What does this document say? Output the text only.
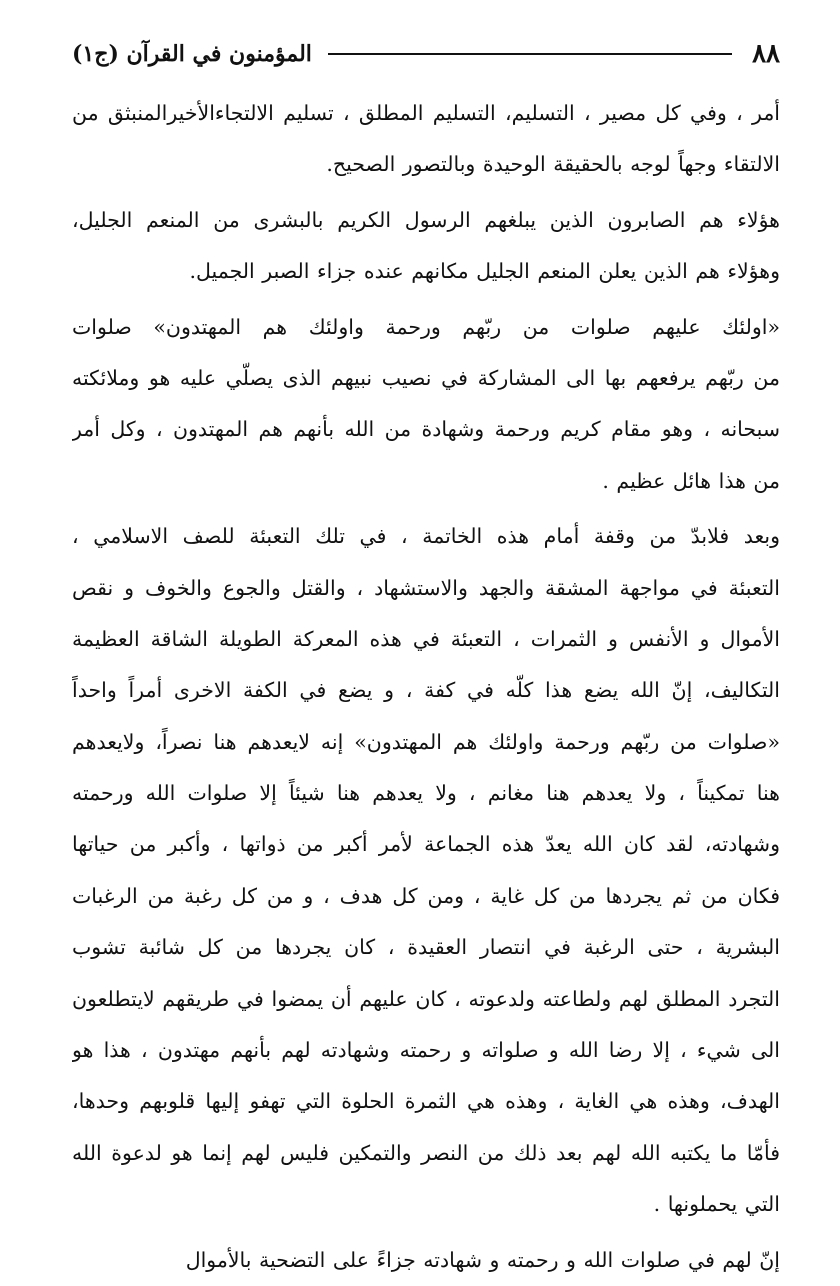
٨٨
المؤمنون في القرآن (ج١)

أمر ، وفي كل مصير ، التسليم، التسليم المطلق ، تسليم الالتجاءالأخيرالمنبثق من
الالتقاء وجهاً لوجه بالحقيقة الوحيدة وبالتصور الصحيح.

هؤلاء هم الصابرون الذين يبلغهم الرسول الكريم بالبشرى من المنعم الجليل،
وهؤلاء هم الذين يعلن المنعم الجليل مكانهم عنده جزاء الصبر الجميل.

«اولئك عليهم صلوات من ربّهم ورحمة واولئك هم المهتدون» صلوات
من ربّهم يرفعهم بها الى المشاركة في نصيب نبيهم الذى يصلّي عليه هو وملائكته
سبحانه ، وهو مقام كريم ورحمة وشهادة من الله بأنهم هم المهتدون ، وكل أمر
من هذا هائل عظيم .

وبعد فلابدّ من وقفة أمام هذه الخاتمة ، في تلك التعبئة للصف الاسلامي ،
التعبئة في مواجهة المشقة والجهد والاستشهاد ، والقتل والجوع والخوف و نقص
الأموال و الأنفس و الثمرات ، التعبئة في هذه المعركة الطويلة الشاقة العظيمة
التكاليف، إنّ الله يضع هذا كلّه في كفة ، و يضع في الكفة الاخرى أمراً واحداً
«صلوات من ربّهم ورحمة واولئك هم المهتدون» إنه لايعدهم هنا نصراً، ولايعدهم
هنا تمكيناً ، ولا يعدهم هنا مغانم ، ولا يعدهم هنا شيئاً إلا صلوات الله ورحمته
وشهادته، لقد كان الله يعدّ هذه الجماعة لأمر أكبر من ذواتها ، وأكبر من حياتها
فكان من ثم يجردها من كل غاية ، ومن كل هدف ، و من كل رغبة من الرغبات
البشرية ، حتى الرغبة في انتصار العقيدة ، كان يجردها من كل شائبة تشوب
التجرد المطلق لهم ولطاعته ولدعوته ، كان عليهم أن يمضوا في طريقهم لايتطلعون
الى شيء ، إلا رضا الله و صلواته و رحمته وشهادته لهم بأنهم مهتدون ، هذا هو
الهدف، وهذه هي الغاية ، وهذه هي الثمرة الحلوة التي تهفو إليها قلوبهم وحدها،
فأمّا ما يكتبه الله لهم بعد ذلك من النصر والتمكين فليس لهم إنما هو لدعوة الله
التي يحملونها .

إنّ لهم في صلوات الله و رحمته و شهادته جزاءً على التضحية بالأموال
